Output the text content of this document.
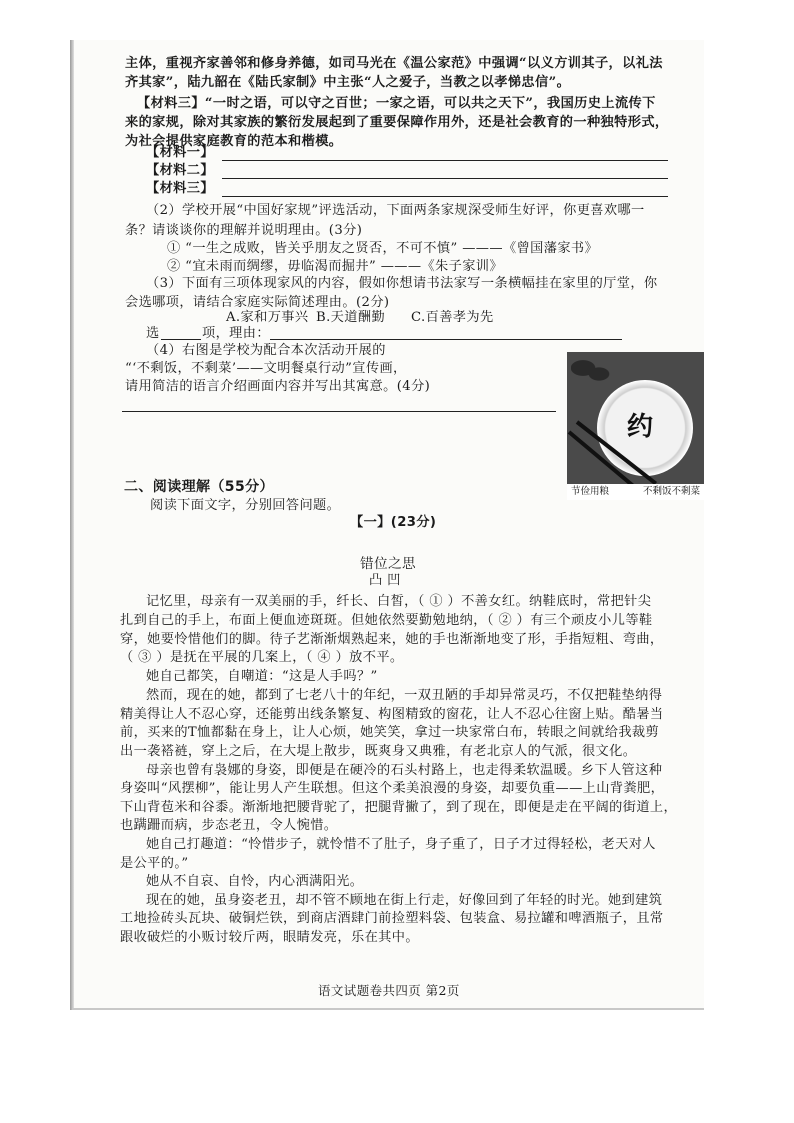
主体，重视齐家善邻和修身养德，如司马光在《温公家范》中强调“以义方训其子，以礼法
齐其家”，陆九韶在《陆氏家制》中主张“人之爱子，当教之以孝悌忠信”。
【材料三】“一时之语，可以守之百世；一家之语，可以共之天下”，我国历史上流传下
来的家规，除对其家族的繁衍发展起到了重要保障作用外，还是社会教育的一种独特形式，
为社会提供家庭教育的范本和楷模。
【材料一】
【材料二】
【材料三】
（2）学校开展“中国好家规”评选活动，下面两条家规深受师生好评，你更喜欢哪一
条？请谈谈你的理解并说明理由。(3分)
① “一生之成败，皆关乎朋友之贤否，不可不慎” ———《曾国藩家书》
② “宜未雨而绸缪，毋临渴而掘井” ———《朱子家训》
（3）下面有三项体现家风的内容，假如你想请书法家写一条横幅挂在家里的厅堂，你
会选哪项，请结合家庭实际简述理由。(2分)
A.家和万事兴 B.天道酬勤 C.百善孝为先
选	项，理由：
（4）右图是学校为配合本次活动开展的
“‘不剩饭，不剩菜’——文明餐桌行动”宣传画，
请用简洁的语言介绍画面内容并写出其寓意。(4分)
约
节俭用粮	不剩饭不剩菜
二、阅读理解（55分）
阅读下面文字，分别回答问题。
【一】(23分)
错位之思
凸 凹
记忆里，母亲有一双美丽的手，纤长、白皙，（ ① ）不善女红。纳鞋底时，常把针尖
扎到自己的手上，布面上便血迹斑斑。但她依然要勤勉地纳，（ ② ）有三个顽皮小儿等鞋
穿，她要怜惜他们的脚。待子艺渐渐烟熟起来，她的手也渐渐地变了形，手指短粗、弯曲，
（ ③ ）是抚在平展的几案上，（ ④ ）放不平。
她自己都笑，自嘲道：“这是人手吗？”
然而，现在的她，都到了七老八十的年纪，一双丑陋的手却异常灵巧，不仅把鞋垫纳得
精美得让人不忍心穿，还能剪出线条繁复、构图精致的窗花，让人不忍心往窗上贴。酷暑当
前，买来的T恤都黏在身上，让人心烦，她笑笑，拿过一块家常白布，转眼之间就给我裁剪
出一袭褡裢，穿上之后，在大堤上散步，既爽身又典雅，有老北京人的气派，很文化。
母亲也曾有袅娜的身姿，即便是在硬冷的石头村路上，也走得柔软温暖。乡下人管这种
身姿叫“风摆柳”，能让男人产生联想。但这个柔美浪漫的身姿，却要负重——上山背粪肥，
下山背苞米和谷黍。渐渐地把腰背驼了，把腿背撇了，到了现在，即便是走在平阔的街道上，
也蹒跚而病，步态老丑，令人惋惜。
她自己打趣道：“怜惜步子，就怜惜不了肚子，身子重了，日子才过得轻松，老天对人
是公平的。”
她从不自哀、自怜，内心洒满阳光。
现在的她，虽身姿老丑，却不管不顾地在街上行走，好像回到了年轻的时光。她到建筑
工地捡砖头瓦块、破铜烂铁，到商店酒肆门前捡塑料袋、包装盒、易拉罐和啤酒瓶子，且常
跟收破烂的小贩讨较斤两，眼睛发亮，乐在其中。
语文试题卷共四页 第2页
